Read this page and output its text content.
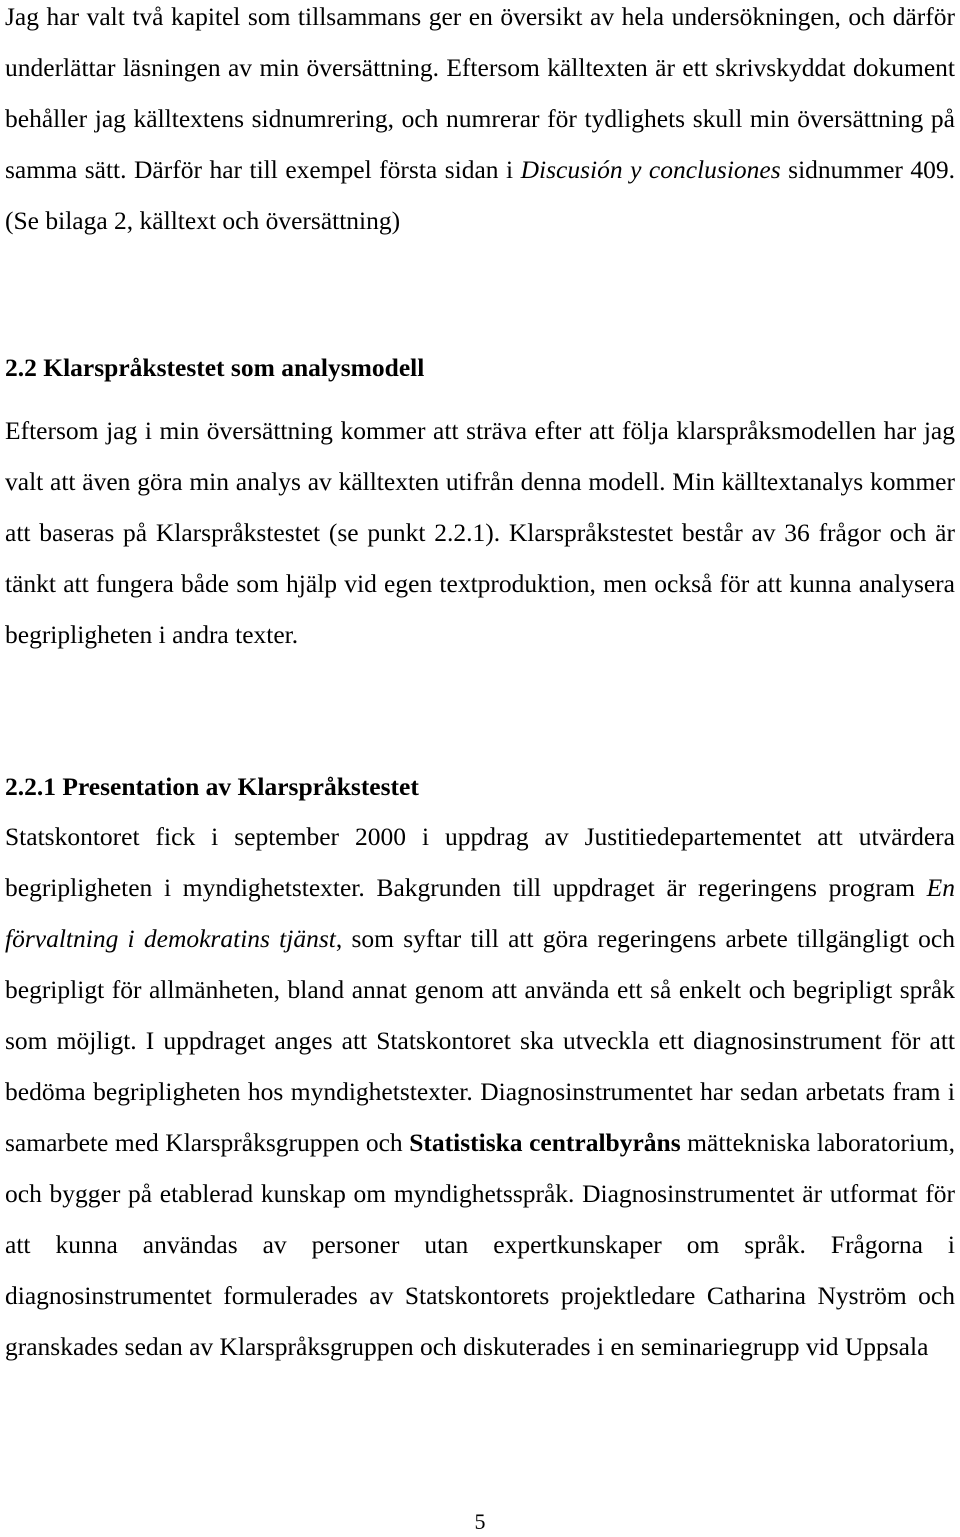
Jag har valt två kapitel som tillsammans ger en översikt av hela undersökningen, och därför underlättar läsningen av min översättning. Eftersom källtexten är ett skrivskyddat dokument behåller jag källtextens sidnumrering, och numrerar för tydlighets skull min översättning på samma sätt. Därför har till exempel första sidan i Discusión y conclusiones sidnummer 409. (Se bilaga 2, källtext och översättning)

2.2 Klarspråkstestet som analysmodell

Eftersom jag i min översättning kommer att sträva efter att följa klarspråksmodellen har jag valt att även göra min analys av källtexten utifrån denna modell. Min källtextanalys kommer att baseras på Klarspråkstestet (se punkt 2.2.1). Klarspråkstestet består av 36 frågor och är tänkt att fungera både som hjälp vid egen textproduktion, men också för att kunna analysera begripligheten i andra texter.

2.2.1 Presentation av Klarspråkstestet

Statskontoret fick i september 2000 i uppdrag av Justitiedepartementet att utvärdera begripligheten i myndighetstexter. Bakgrunden till uppdraget är regeringens program En förvaltning i demokratins tjänst, som syftar till att göra regeringens arbete tillgängligt och begripligt för allmänheten, bland annat genom att använda ett så enkelt och begripligt språk som möjligt. I uppdraget anges att Statskontoret ska utveckla ett diagnosinstrument för att bedöma begripligheten hos myndighetstexter. Diagnosinstrumentet har sedan arbetats fram i samarbete med Klarspråksgruppen och Statistiska centralbyråns mättekniska laboratorium, och bygger på etablerad kunskap om myndighetsspråk. Diagnosinstrumentet är utformat för att kunna användas av personer utan expertkunskaper om språk. Frågorna i diagnosinstrumentet formulerades av Statskontorets projektledare Catharina Nyström och granskades sedan av Klarspråksgruppen och diskuterades i en seminariegrupp vid Uppsala

5
